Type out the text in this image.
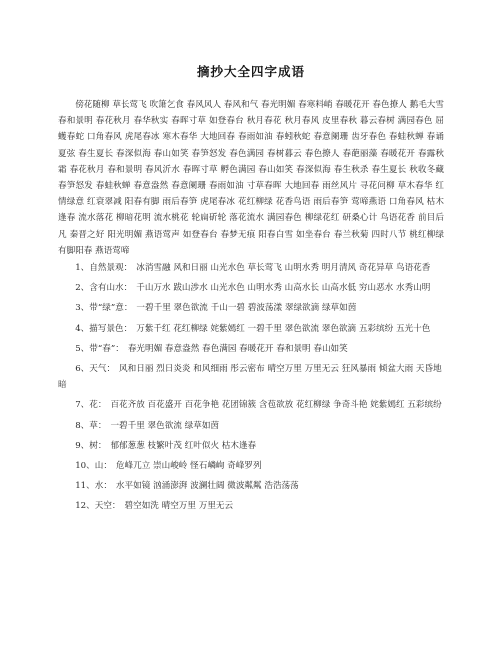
摘抄大全四字成语

傍花随柳 草长莺飞 吹箫乞食 春风风人 春风和气 春光明媚 春寒料峭 春暖花开 春色撩人 鹅毛大雪 春和景明 春花秋月 春华秋实 春晖寸草 如登春台 秋月春花 秋月春风 皮里春秋 暮云春树 满园春色 屈蠖春蛇 口角春风 虎尾春冰 寒木春华 大地回春 春雨如油 春蚓秋蛇 春意阑珊 齿牙春色 春蛙秋蝉 春诵夏弦 春生夏长 春深似海 春山如笑 春笋怒发 春色满园 春树暮云 春色撩人 春葩丽藻 春暖花开 春露秋霜 春花秋月 春和景明 春风沂水 春晖寸草 孵色满园 春山如笑 春深似海 春生秋杀 春生夏长 秋收冬藏 春笋怒发 春蛙秋蝉 春意盎然 春意阑珊 春雨如油 寸草春晖 大地回春 雨丝风片 寻花问柳 草木春华 红情绿意 红衰翠减 阳春有脚 雨后春笋 虎尾春冰 花红柳绿 花香鸟语 雨后春笋 莺啼燕语 口角春风 枯木逢春 流水落花 柳暗花明 流水桃花 轮扁斫轮 落花流水 满园春色 柳绿花红 研桑心计 鸟语花香 前目后凡 秦晋之好 阳光明媚 燕语莺声 如登春台 春梦无痕 阳春白雪 如坐春台 春兰秋菊 四时八节 桃红柳绿 有脚阳春 燕语莺啼

1、自然景观： 冰消雪融 风和日丽 山光水色 草长莺飞 山明水秀 明月清风 奇花异草 鸟语花香

2、含有山水： 千山万水 跋山涉水 山光水色 山明水秀 山高水长 山高水低 穷山恶水 水秀山明

3、带“绿”意： 一碧千里 翠色欲流 千山一碧 碧波荡漾 翠绿欲滴 绿草如茵

4、描写景色： 万紫千红 花红柳绿 姹紫嫣红 一碧千里 翠色欲流 翠色欲滴 五彩缤纷 五光十色

5、带“春”： 春光明媚 春意盎然 春色满园 春暖花开 春和景明 春山如笑

6、天气： 风和日丽 烈日炎炎 和风细雨 彤云密布 晴空万里 万里无云 狂风暴雨 倾盆大雨 天昏地暗

7、花： 百花齐放 百花盛开 百花争艳 花团锦簇 含苞欲放 花红柳绿 争奇斗艳 姹紫嫣红 五彩缤纷

8、草： 一碧千里 翠色欲流 绿草如茵

9、树： 郁郁葱葱 枝繁叶茂 红叶似火 枯木逢春

10、山： 危峰兀立 崇山峻岭 怪石嶙峋 奇峰罗列

11、水： 水平如镜 汹涌澎湃 波澜壮阔 微波粼粼 浩浩荡荡

12、天空： 碧空如洗 晴空万里 万里无云
